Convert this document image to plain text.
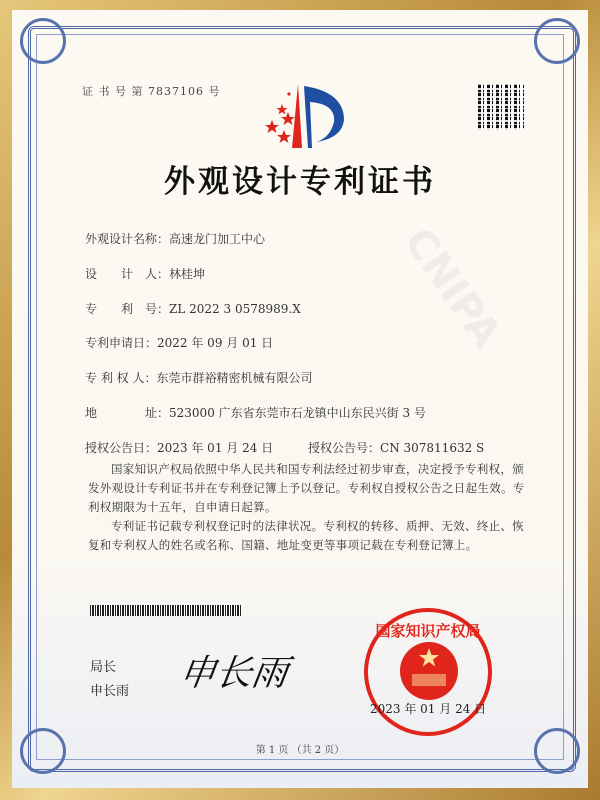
CNIPA
证 书 号 第 7837106 号
外观设计专利证书
外观设计名称：高速龙门加工中心
设　　计　人：林桂坤
专　　利　号：ZL 2022 3 0578989.X
专利申请日：2022 年 09 月 01 日
专 利 权 人：东莞市群裕精密机械有限公司
地　　　　址：523000 广东省东莞市石龙镇中山东民兴街 3 号
授权公告日：2023 年 01 月 24 日	授权公告号：CN 307811632 S
国家知识产权局依照中华人民共和国专利法经过初步审查，决定授予专利权，颁发外观设计专利证书并在专利登记簿上予以登记。专利权自授权公告之日起生效。专利权期限为十五年，自申请日起算。
专利证书记载专利权登记时的法律状况。专利权的转移、质押、无效、终止、恢复和专利权人的姓名或名称、国籍、地址变更等事项记载在专利登记簿上。
局长
申长雨 申长雨
国家知识产权局
2023 年 01 月 24 日
第 1 页 （共 2 页）
